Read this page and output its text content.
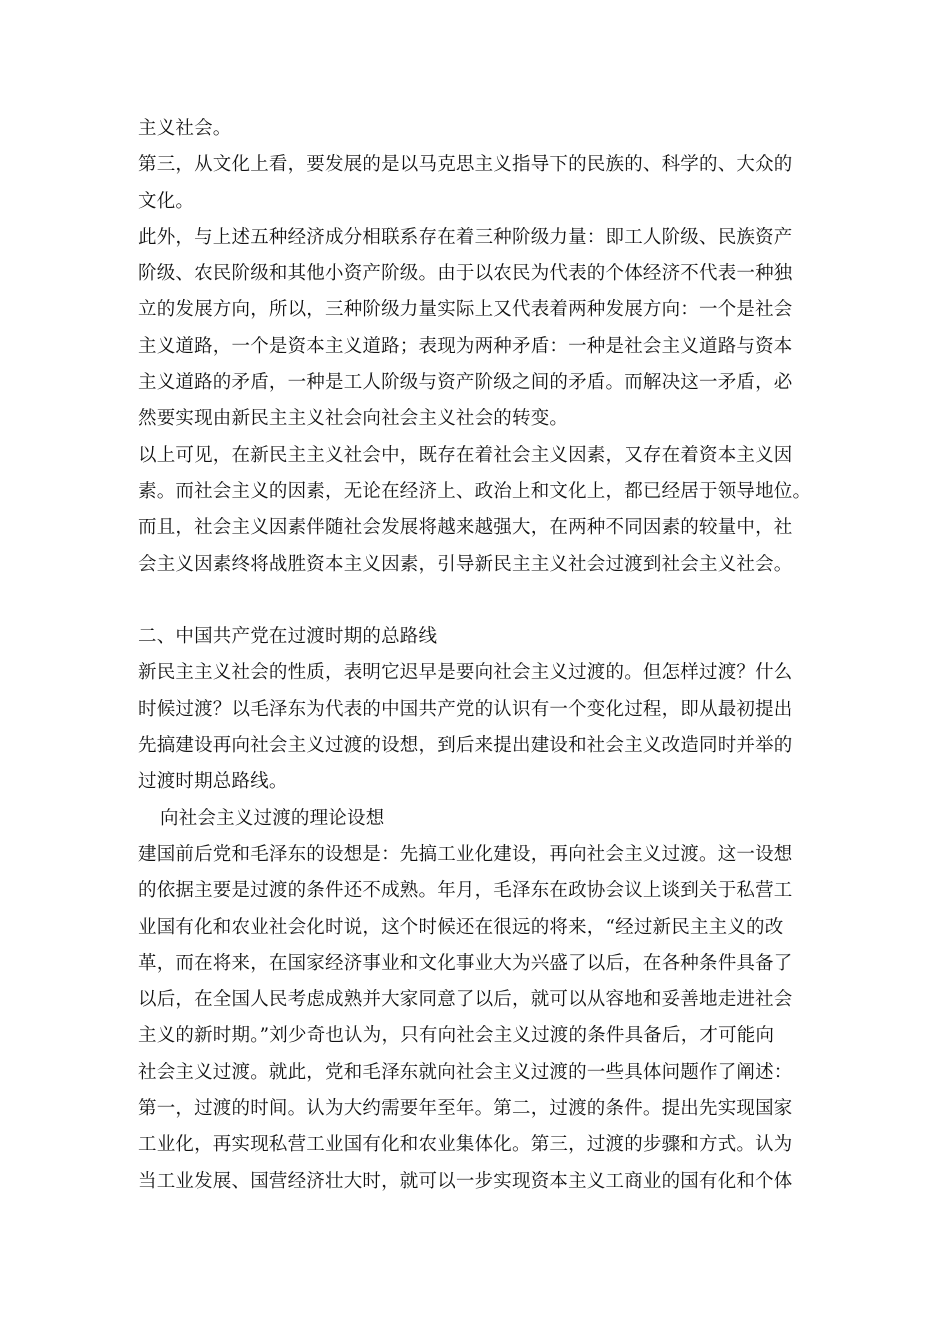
主义社会。
第三，从文化上看，要发展的是以马克思主义指导下的民族的、科学的、大众的
文化。
此外，与上述五种经济成分相联系存在着三种阶级力量：即工人阶级、民族资产
阶级、农民阶级和其他小资产阶级。由于以农民为代表的个体经济不代表一种独
立的发展方向，所以，三种阶级力量实际上又代表着两种发展方向：一个是社会
主义道路，一个是资本主义道路；表现为两种矛盾：一种是社会主义道路与资本
主义道路的矛盾，一种是工人阶级与资产阶级之间的矛盾。而解决这一矛盾，必
然要实现由新民主主义社会向社会主义社会的转变。
以上可见，在新民主主义社会中，既存在着社会主义因素，又存在着资本主义因
素。而社会主义的因素，无论在经济上、政治上和文化上，都已经居于领导地位。
而且，社会主义因素伴随社会发展将越来越强大，在两种不同因素的较量中，社
会主义因素终将战胜资本主义因素，引导新民主主义社会过渡到社会主义社会。
二、中国共产党在过渡时期的总路线
新民主主义社会的性质，表明它迟早是要向社会主义过渡的。但怎样过渡？什么
时候过渡？以毛泽东为代表的中国共产党的认识有一个变化过程，即从最初提出
先搞建设再向社会主义过渡的设想，到后来提出建设和社会主义改造同时并举的
过渡时期总路线。
向社会主义过渡的理论设想
建国前后党和毛泽东的设想是：先搞工业化建设，再向社会主义过渡。这一设想
的依据主要是过渡的条件还不成熟。年月，毛泽东在政协会议上谈到关于私营工
业国有化和农业社会化时说，这个时候还在很远的将来，“经过新民主主义的改
革，而在将来，在国家经济事业和文化事业大为兴盛了以后，在各种条件具备了
以后，在全国人民考虑成熟并大家同意了以后，就可以从容地和妥善地走进社会
主义的新时期。”刘少奇也认为，只有向社会主义过渡的条件具备后，才可能向
社会主义过渡。就此，党和毛泽东就向社会主义过渡的一些具体问题作了阐述：
第一，过渡的时间。认为大约需要年至年。第二，过渡的条件。提出先实现国家
工业化，再实现私营工业国有化和农业集体化。第三，过渡的步骤和方式。认为
当工业发展、国营经济壮大时，就可以一步实现资本主义工商业的国有化和个体
